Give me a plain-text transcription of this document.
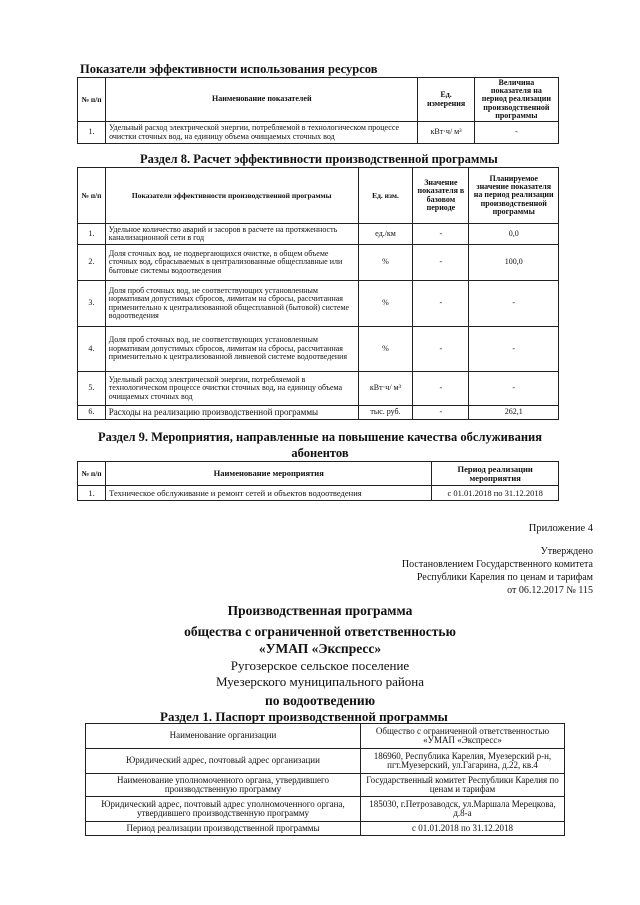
Показатели эффективности использования ресурсов
№ п/п	Наименование показателей	Ед. измерения	Величина показателя на период реализации производственной программы
1.	Удельный расход электрической энергии, потребляемой в технологическом процессе очистки сточных вод, на единицу объема очищаемых сточных вод	кВт·ч/ м³	-
Раздел 8. Расчет эффективности производственной программы
№ п/п	Показатели эффективности производственной программы	Ед. изм.	Значение показателя в базовом периоде	Планируемое значение показателя на период реализации производственной программы
1.	Удельное количество аварий и засоров в расчете на протяженность канализационной сети в год	ед./км	-	0,0
2.	Доля сточных вод, не подвергающихся очистке, в общем объеме сточных вод, сбрасываемых в централизованные общесплавные или бытовые системы водоотведения	%	-	100,0
3.	Доля проб сточных вод, не соответствующих установленным нормативам допустимых сбросов, лимитам на сбросы, рассчитанная применительно к централизованной общесплавной (бытовой) системе водоотведения	%	-	-
4.	Доля проб сточных вод, не соответствующих установленным нормативам допустимых сбросов, лимитам на сбросы, рассчитанная применительно к централизованной ливневой системе водоотведения	%	-	-
5.	Удельный расход электрической энергии, потребляемой в технологическом процессе очистки сточных вод, на единицу объема очищаемых сточных вод	кВт·ч/ м³	-	-
6.	Расходы на реализацию производственной программы	тыс. руб.	-	262,1
Раздел 9. Мероприятия, направленные на повышение качества обслуживания
абонентов
№ п/п	Наименование мероприятия	Период реализации мероприятия
1.	Техническое обслуживание и ремонт сетей и объектов водоотведения	с 01.01.2018 по 31.12.2018
Приложение 4
Утверждено
Постановлением Государственного комитета
Республики Карелия по ценам и тарифам
от 06.12.2017 № 115
Производственная программа
общества с ограниченной ответственностью
«УМАП «Экспресс»
Ругозерское сельское поселение
Муезерского муниципального района
по водоотведению
Раздел 1. Паспорт производственной программы
Наименование организации	Общество с ограниченной ответственностью «УМАП «Экспресс»
Юридический адрес, почтовый адрес организации	186960, Республика Карелия, Муезерский р-н, пгт.Муезерский, ул.Гагарина, д.22, кв.4
Наименование уполномоченного органа, утвердившего производственную программу	Государственный комитет Республики Карелия по ценам и тарифам
Юридический адрес, почтовый адрес уполномоченного органа, утвердившего производственную программу	185030, г.Петрозаводск, ул.Маршала Мерецкова, д.8-а
Период реализации производственной программы	с 01.01.2018 по 31.12.2018
